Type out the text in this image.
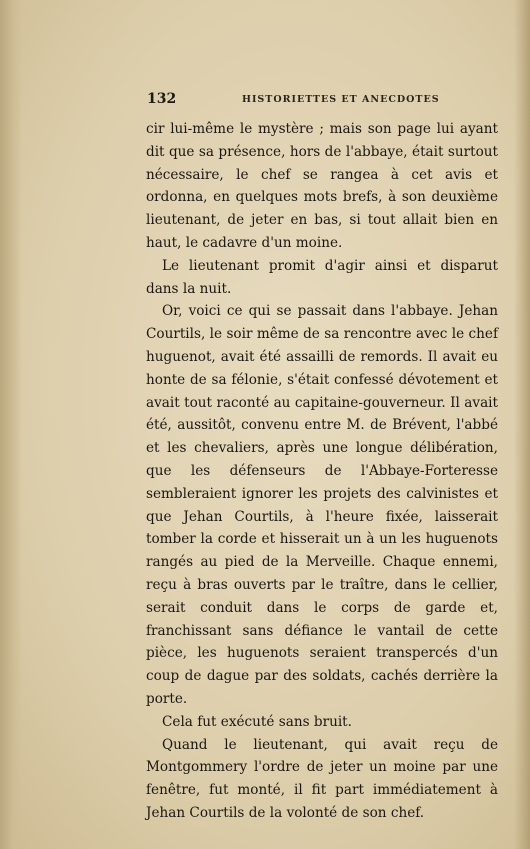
132	HISTORIETTES ET ANECDOTES

cir lui-même le mystère ; mais son page lui ayant dit que sa présence, hors de l'abbaye, était surtout nécessaire, le chef se rangea à cet avis et ordonna, en quelques mots brefs, à son deuxième lieutenant, de jeter en bas, si tout allait bien en haut, le cadavre d'un moine.

Le lieutenant promit d'agir ainsi et disparut dans la nuit.

Or, voici ce qui se passait dans l'abbaye. Jehan Courtils, le soir même de sa rencontre avec le chef huguenot, avait été assailli de remords. Il avait eu honte de sa félonie, s'était confessé dévotement et avait tout raconté au capitaine-gouverneur. Il avait été, aussitôt, convenu entre M. de Brévent, l'abbé et les chevaliers, après une longue délibération, que les défenseurs de l'Abbaye-Forteresse sembleraient ignorer les projets des calvinistes et que Jehan Courtils, à l'heure fixée, laisserait tomber la corde et hisserait un à un les huguenots rangés au pied de la Merveille. Chaque ennemi, reçu à bras ouverts par le traître, dans le cellier, serait conduit dans le corps de garde et, franchissant sans défiance le vantail de cette pièce, les huguenots seraient transpercés d'un coup de dague par des soldats, cachés derrière la porte.

Cela fut exécuté sans bruit.

Quand le lieutenant, qui avait reçu de Montgommery l'ordre de jeter un moine par une fenêtre, fut monté, il fit part immédiatement à Jehan Courtils de la volonté de son chef.
